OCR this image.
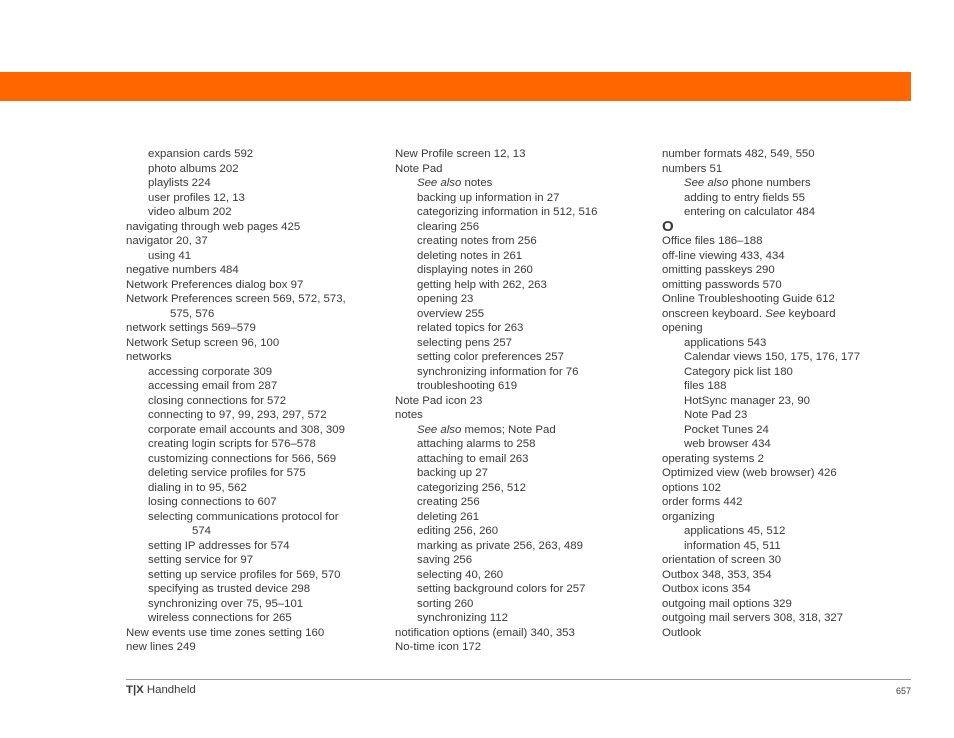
expansion cards 592
photo albums 202
playlists 224
user profiles 12, 13
video album 202
navigating through web pages 425
navigator 20, 37
using 41
negative numbers 484
Network Preferences dialog box 97
Network Preferences screen 569, 572, 573,
575, 576
network settings 569–579
Network Setup screen 96, 100
networks
accessing corporate 309
accessing email from 287
closing connections for 572
connecting to 97, 99, 293, 297, 572
corporate email accounts and 308, 309
creating login scripts for 576–578
customizing connections for 566, 569
deleting service profiles for 575
dialing in to 95, 562
losing connections to 607
selecting communications protocol for
574
setting IP addresses for 574
setting service for 97
setting up service profiles for 569, 570
specifying as trusted device 298
synchronizing over 75, 95–101
wireless connections for 265
New events use time zones setting 160
new lines 249
New Profile screen 12, 13
Note Pad
See also notes
backing up information in 27
categorizing information in 512, 516
clearing 256
creating notes from 256
deleting notes in 261
displaying notes in 260
getting help with 262, 263
opening 23
overview 255
related topics for 263
selecting pens 257
setting color preferences 257
synchronizing information for 76
troubleshooting 619
Note Pad icon 23
notes
See also memos; Note Pad
attaching alarms to 258
attaching to email 263
backing up 27
categorizing 256, 512
creating 256
deleting 261
editing 256, 260
marking as private 256, 263, 489
saving 256
selecting 40, 260
setting background colors for 257
sorting 260
synchronizing 112
notification options (email) 340, 353
No-time icon 172
number formats 482, 549, 550
numbers 51
See also phone numbers
adding to entry fields 55
entering on calculator 484
O
Office files 186–188
off-line viewing 433, 434
omitting passkeys 290
omitting passwords 570
Online Troubleshooting Guide 612
onscreen keyboard. See keyboard
opening
applications 543
Calendar views 150, 175, 176, 177
Category pick list 180
files 188
HotSync manager 23, 90
Note Pad 23
Pocket Tunes 24
web browser 434
operating systems 2
Optimized view (web browser) 426
options 102
order forms 442
organizing
applications 45, 512
information 45, 511
orientation of screen 30
Outbox 348, 353, 354
Outbox icons 354
outgoing mail options 329
outgoing mail servers 308, 318, 327
Outlook
T|X Handheld	657
